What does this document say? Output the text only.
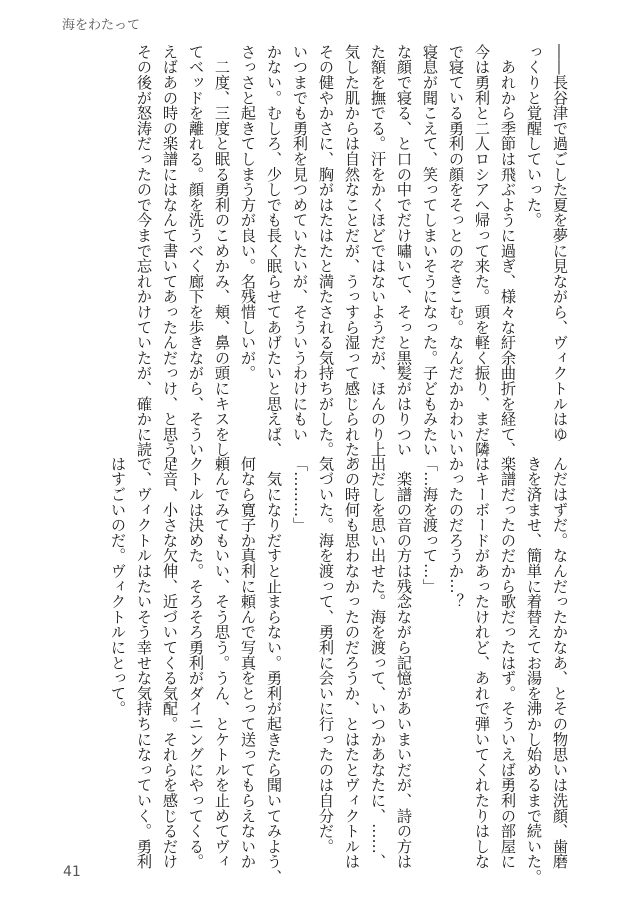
海をわたって
――長谷津で過ごした夏を夢に見ながら、ヴィクトルはゆ
っくりと覚醒していった。
　あれから季節は飛ぶように過ぎ、様々な紆余曲折を経て、
今は勇利と二人ロシアへ帰って来た。頭を軽く振り、まだ隣
で寝ている勇利の顔をそっとのぞきこむ。なんだかかわいい
寝息が聞こえて、笑ってしまいそうになった。子どもみたい
な顔で寝る、と口の中でだけ嘯いて、そっと黒髪がはりつい
た額を撫でる。汗をかくほどではないようだが、ほんのり上
気した肌からは自然なことだが、うっすら湿って感じられた。
その健やかさに、胸がはたはたと満たされる気持ちがした。
いつまでも勇利を見つめていたいが、そういうわけにもい
かない。むしろ、少しでも長く眠らせてあげたいと思えば、
さっさと起きてしまう方が良い。名残惜しいが。
　二度、三度と眠る勇利のこめかみ、頬、鼻の頭にキスをし
てベッドを離れる。顔を洗うべく廊下を歩きながら、そうい
えばあの時の楽譜にはなんて書いてあったんだっけ、と思う。
その後が怒涛だったので今まで忘れかけていたが、確かに読
んだはずだ。なんだったかなあ、とその物思いは洗顔、歯磨
きを済ませ、簡単に着替えてお湯を沸かし始めるまで続いた。
楽譜だったのだから歌だったはず。そういえば勇利の部屋に
はキーボードがあったけれど、あれで弾いてくれたりはしな
かったのだろうか…？
「…海を渡って…」
　楽譜の音の方は残念ながら記憶があいまいだが、詩の方は
出だしを思い出せた。海を渡って、いつかあなたに、……、
あの時何も思わなかったのだろうか、とはたとヴィクトルは
気づいた。海を渡って、勇利に会いに行ったのは自分だ。
「………」
　気になりだすと止まらない。勇利が起きたら聞いてみよう、
何なら寛子か真利に頼んで写真をとって送ってもらえないか
頼んでみてもいい、そう思う。うん、とケトルを止めてヴィ
クトルは決めた。そろそろ勇利がダイニングにやってくる。
足音、小さな欠伸、近づいてくる気配。それらを感じるだけ
で、ヴィクトルはたいそう幸せな気持ちになっていく。勇利
はすごいのだ。ヴィクトルにとって。
41
